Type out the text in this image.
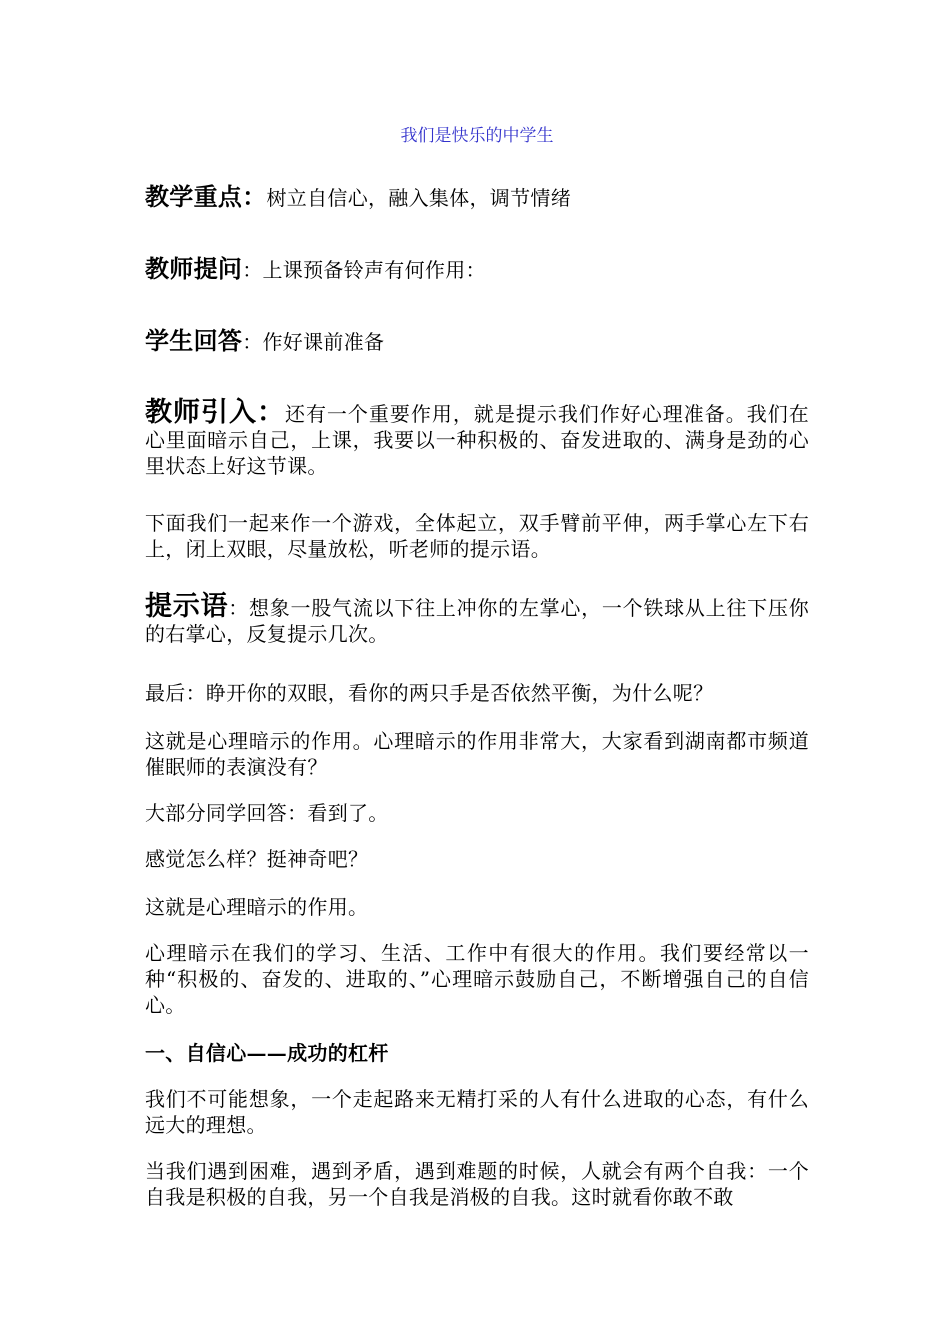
我们是快乐的中学生
教学重点：树立自信心，融入集体，调节情绪
教师提问：上课预备铃声有何作用：
学生回答：作好课前准备
教师引入：还有一个重要作用，就是提示我们作好心理准备。我们在心里面暗示自己，上课，我要以一种积极的、奋发进取的、满身是劲的心里状态上好这节课。
下面我们一起来作一个游戏，全体起立，双手臂前平伸，两手掌心左下右上，闭上双眼，尽量放松，听老师的提示语。
提示语：想象一股气流以下往上冲你的左掌心，一个铁球从上往下压你的右掌心，反复提示几次。
最后：睁开你的双眼，看你的两只手是否依然平衡，为什么呢？
这就是心理暗示的作用。心理暗示的作用非常大，大家看到湖南都市频道催眠师的表演没有？
大部分同学回答：看到了。
感觉怎么样？挺神奇吧？
这就是心理暗示的作用。
心理暗示在我们的学习、生活、工作中有很大的作用。我们要经常以一种“积极的、奋发的、进取的、”心理暗示鼓励自己，不断增强自己的自信心。
一、自信心——成功的杠杆
我们不可能想象，一个走起路来无精打采的人有什么进取的心态，有什么远大的理想。
当我们遇到困难，遇到矛盾，遇到难题的时候，人就会有两个自我：一个自我是积极的自我，另一个自我是消极的自我。这时就看你敢不敢
